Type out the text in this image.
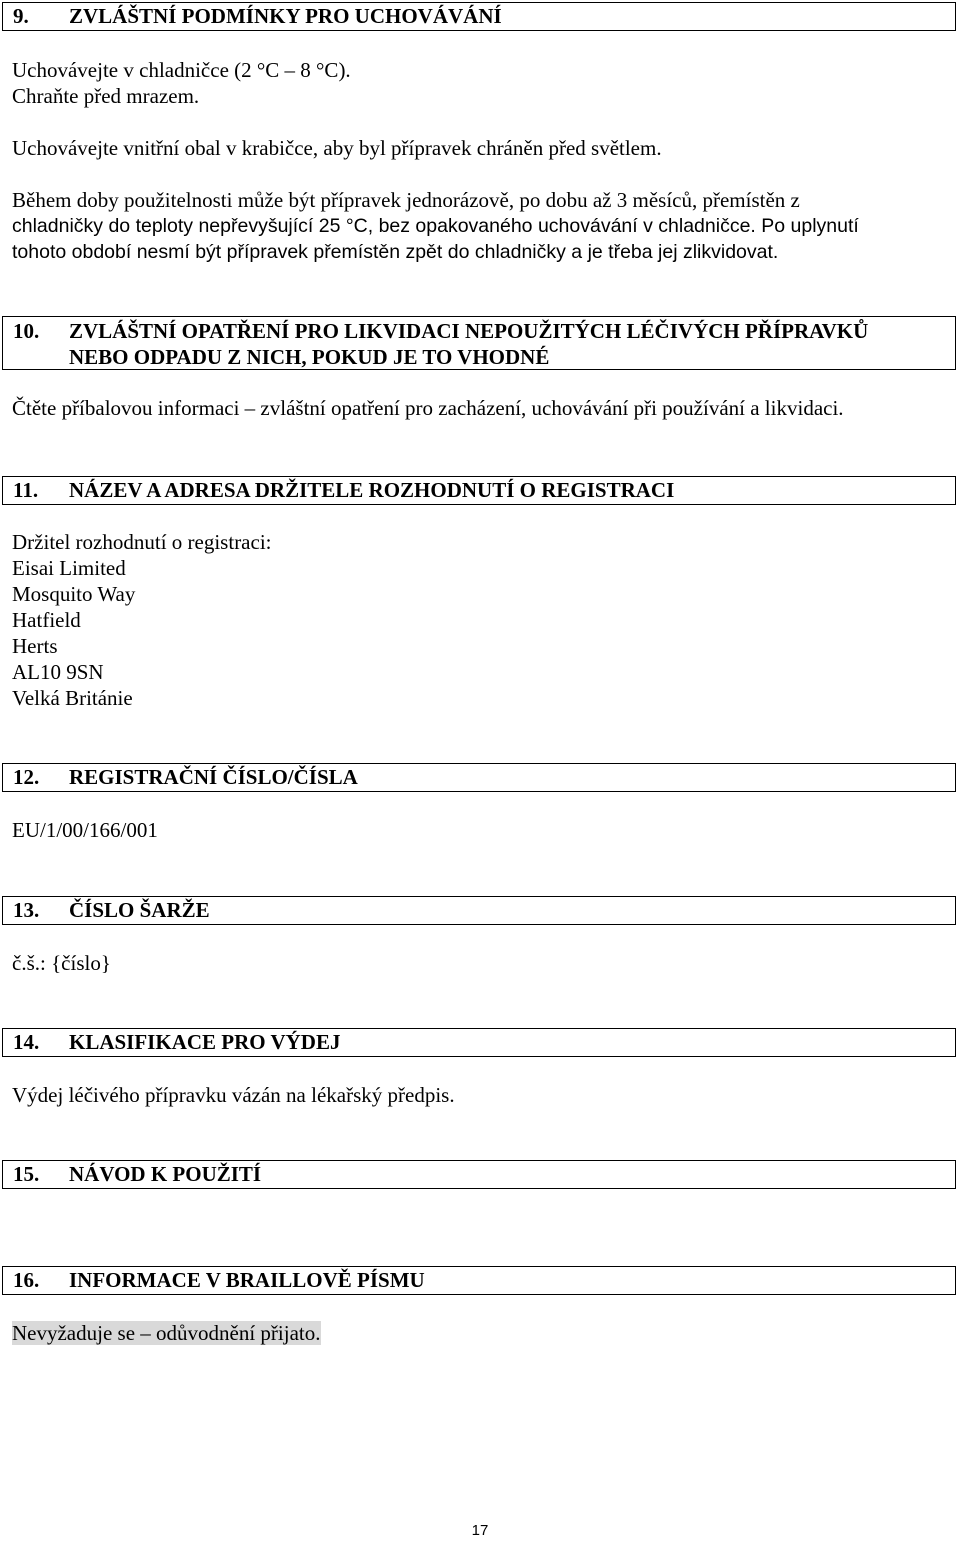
9. ZVLÁŠTNÍ PODMÍNKY PRO UCHOVÁVÁNÍ
Uchovávejte v chladničce (2 °C – 8 °C).
Chraňte před mrazem.
Uchovávejte vnitřní obal v krabičce, aby byl přípravek chráněn před světlem.
Během doby použitelnosti může být přípravek jednorázově, po dobu až 3 měsíců, přemístěn z
chladničky do teploty nepřevyšující 25 °C, bez opakovaného uchovávání v chladničce. Po uplynutí
tohoto období nesmí být přípravek přemístěn zpět do chladničky a je třeba jej zlikvidovat.
10. ZVLÁŠTNÍ OPATŘENÍ PRO LIKVIDACI NEPOUŽITÝCH LÉČIVÝCH PŘÍPRAVKŮ
NEBO ODPADU Z NICH, POKUD JE TO VHODNÉ
Čtěte příbalovou informaci – zvláštní opatření pro zacházení, uchovávání při používání a likvidaci.
11. NÁZEV A ADRESA DRŽITELE ROZHODNUTÍ O REGISTRACI
Držitel rozhodnutí o registraci:
Eisai Limited
Mosquito Way
Hatfield
Herts
AL10 9SN
Velká Británie
12. REGISTRAČNÍ ČÍSLO/ČÍSLA
EU/1/00/166/001
13. ČÍSLO ŠARŽE
č.š.: {číslo}
14. KLASIFIKACE PRO VÝDEJ
Výdej léčivého přípravku vázán na lékařský předpis.
15. NÁVOD K POUŽITÍ
16. INFORMACE V BRAILLOVĚ PÍSMU
Nevyžaduje se – odůvodnění přijato.
17
